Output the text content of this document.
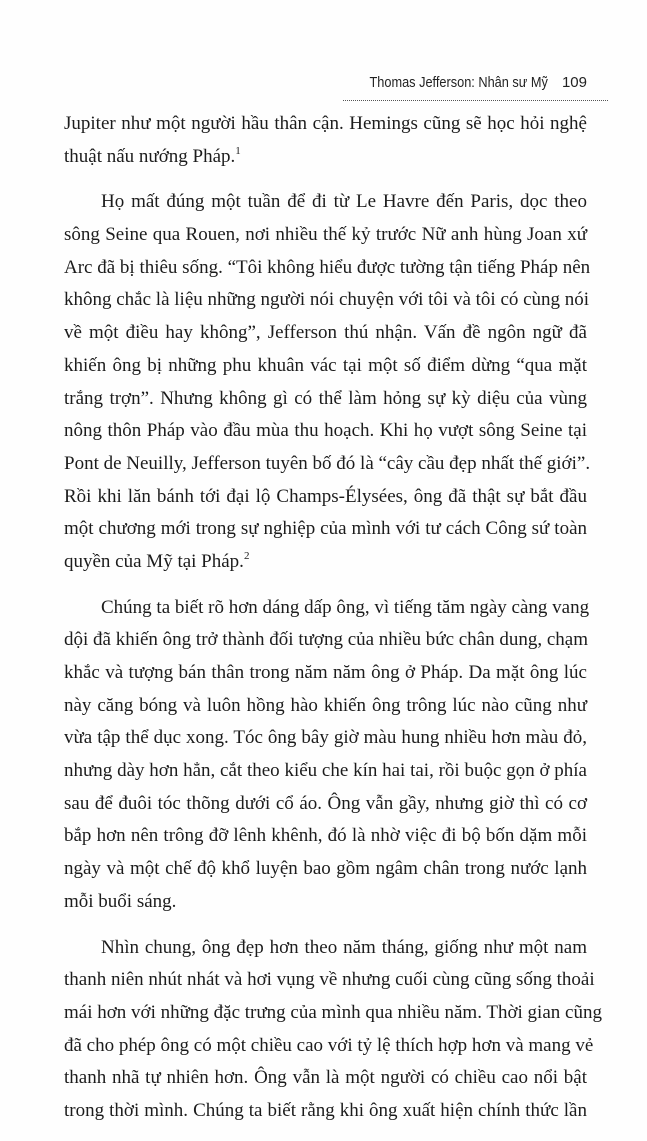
Thomas Jefferson: Nhân sư Mỹ 109
Jupiter như một người hầu thân cận. Hemings cũng sẽ học hỏi nghệ
thuật nấu nướng Pháp.$^1$
Họ mất đúng một tuần để đi từ Le Havre đến Paris, dọc theo
sông Seine qua Rouen, nơi nhiều thế kỷ trước Nữ anh hùng Joan xứ
Arc đã bị thiêu sống. “Tôi không hiểu được tường tận tiếng Pháp nên
không chắc là liệu những người nói chuyện với tôi và tôi có cùng nói
về một điều hay không”, Jefferson thú nhận. Vấn đề ngôn ngữ đã
khiến ông bị những phu khuân vác tại một số điểm dừng “qua mặt
trắng trợn”. Nhưng không gì có thể làm hỏng sự kỳ diệu của vùng
nông thôn Pháp vào đầu mùa thu hoạch. Khi họ vượt sông Seine tại
Pont de Neuilly, Jefferson tuyên bố đó là “cây cầu đẹp nhất thế giới”.
Rồi khi lăn bánh tới đại lộ Champs-Élysées, ông đã thật sự bắt đầu
một chương mới trong sự nghiệp của mình với tư cách Công sứ toàn
quyền của Mỹ tại Pháp.$^2$
Chúng ta biết rõ hơn dáng dấp ông, vì tiếng tăm ngày càng vang
dội đã khiến ông trở thành đối tượng của nhiều bức chân dung, chạm
khắc và tượng bán thân trong năm năm ông ở Pháp. Da mặt ông lúc
này căng bóng và luôn hồng hào khiến ông trông lúc nào cũng như
vừa tập thể dục xong. Tóc ông bây giờ màu hung nhiều hơn màu đỏ,
nhưng dày hơn hẳn, cắt theo kiểu che kín hai tai, rồi buộc gọn ở phía
sau để đuôi tóc thõng dưới cổ áo. Ông vẫn gầy, nhưng giờ thì có cơ
bắp hơn nên trông đỡ lênh khênh, đó là nhờ việc đi bộ bốn dặm mỗi
ngày và một chế độ khổ luyện bao gồm ngâm chân trong nước lạnh
mỗi buổi sáng.
Nhìn chung, ông đẹp hơn theo năm tháng, giống như một nam
thanh niên nhút nhát và hơi vụng về nhưng cuối cùng cũng sống thoải
mái hơn với những đặc trưng của mình qua nhiều năm. Thời gian cũng
đã cho phép ông có một chiều cao với tỷ lệ thích hợp hơn và mang vẻ
thanh nhã tự nhiên hơn. Ông vẫn là một người có chiều cao nổi bật
trong thời mình. Chúng ta biết rằng khi ông xuất hiện chính thức lần
